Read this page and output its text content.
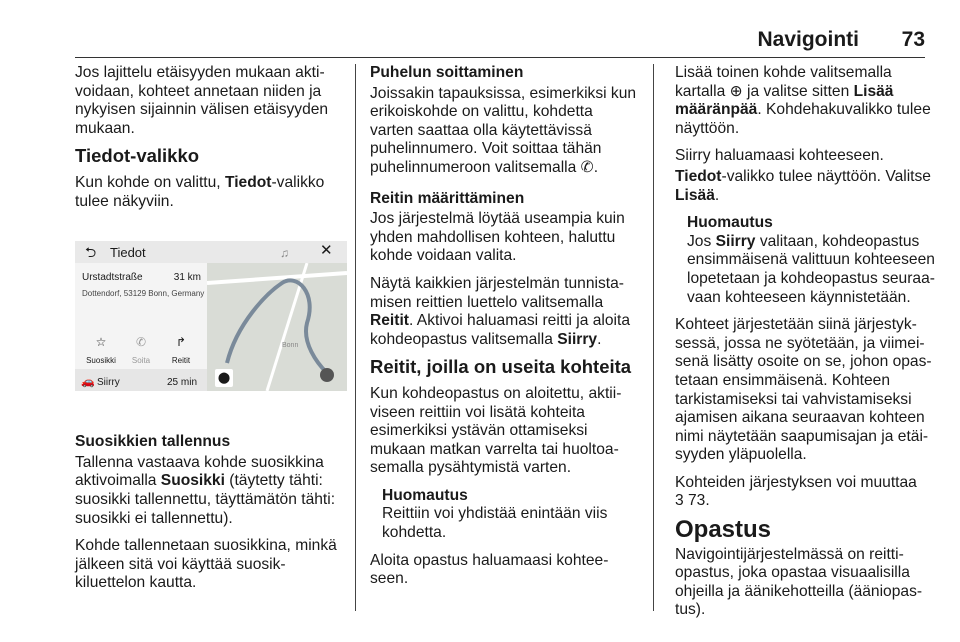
Navigointi 73

Jos lajittelu etäisyyden mukaan aktivoidaan, kohteet annetaan niiden ja nykyisen sijainnin välisen etäisyyden mukaan.

Tiedot-valikko

Kun kohde on valittu, Tiedot-valikko tulee näkyviin.

⮌ Tiedot	♫ ✕
Urstadtstraße	31 km
Dottendorf, 53129 Bonn, Germany
☆
Suosikki
✆
Soita
↱
Reitit
🚗 Siirry	25 min
Bonn
⬤
Suosikkien tallennus

Tallenna vastaava kohde suosikkina aktivoimalla Suosikki (täytetty tähti: suosikki tallennettu, täyttämätön tähti: suosikki ei tallennettu).

Kohde tallennetaan suosikkina, minkä jälkeen sitä voi käyttää suosikkiluettelon kautta.

Puhelun soittaminen

Joissakin tapauksissa, esimerkiksi kun erikoiskohde on valittu, kohdetta varten saattaa olla käytettävissä puhelinnumero. Voit soittaa tähän puhelinnumeroon valitsemalla ✆.

Reitin määrittäminen

Jos järjestelmä löytää useampia kuin yhden mahdollisen kohteen, haluttu kohde voidaan valita.

Näytä kaikkien järjestelmän tunnistamisen reittien luettelo valitsemalla Reitit. Aktivoi haluamasi reitti ja aloita kohdeopastus valitsemalla Siirry.

Reitit, joilla on useita kohteita

Kun kohdeopastus on aloitettu, aktiiviseen reittiin voi lisätä kohteita esimerkiksi ystävän ottamiseksi mukaan matkan varrelta tai huoltoasemalla pysähtymistä varten.

Huomautus
Reittiin voi yhdistää enintään viis kohdetta.

Aloita opastus haluamaasi kohteeseen.

Lisää toinen kohde valitsemalla kartalla ⊕ ja valitse sitten Lisää määränpää. Kohdehakuvalikko tulee näyttöön.

Siirry haluamaasi kohteeseen.

Tiedot-valikko tulee näyttöön. Valitse Lisää.

Huomautus
Jos Siirry valitaan, kohdeopastus ensimmäisenä valittuun kohteeseen lopetetaan ja kohdeopastus seuraavaan kohteeseen käynnistetään.

Kohteet järjestetään siinä järjestyksessä, jossa ne syötetään, ja viimeisenä lisätty osoite on se, johon opastetaan ensimmäisenä. Kohteen tarkistamiseksi tai vahvistamiseksi ajamisen aikana seuraavan kohteen nimi näytetään saapumisajan ja etäisyyden yläpuolella.

Kohteiden järjestyksen voi muuttaa
3 73.

Opastus

Navigointijärjestelmässä on reittiopastus, joka opastaa visuaalisilla ohjeilla ja äänikehotteilla (ääniopastus).
